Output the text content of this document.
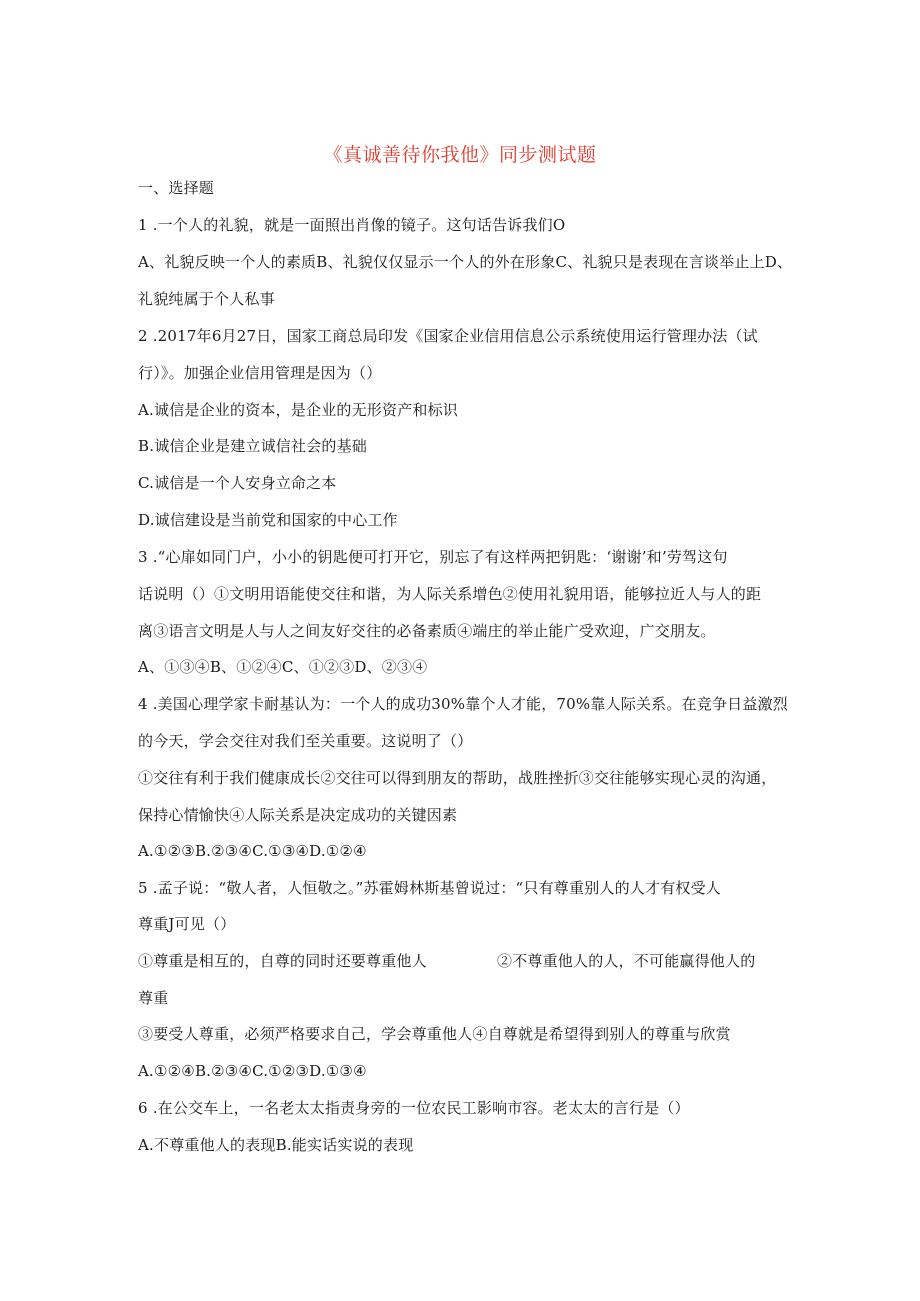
《真诚善待你我他》同步测试题
一、选择题
1 .一个人的礼貌，就是一面照出肖像的镜子。这句话告诉我们O
A、礼貌反映一个人的素质B、礼貌仅仅显示一个人的外在形象C、礼貌只是表现在言谈举止上D、
礼貌纯属于个人私事
2 .2017年6月27日，国家工商总局印发《国家企业信用信息公示系统使用运行管理办法（试
行）》。加强企业信用管理是因为（）
A.诚信是企业的资本，是企业的无形资产和标识
B.诚信企业是建立诚信社会的基础
C.诚信是一个人安身立命之本
D.诚信建设是当前党和国家的中心工作
3 .“心扉如同门户，小小的钥匙便可打开它，别忘了有这样两把钥匙：‘谢谢’和’劳驾这句
话说明（）①文明用语能使交往和谐，为人际关系增色②使用礼貌用语，能够拉近人与人的距
离③语言文明是人与人之间友好交往的必备素质④端庄的举止能广受欢迎，广交朋友。
A、①③④B、①②④C、①②③D、②③④
4 .美国心理学家卡耐基认为：一个人的成功30%靠个人才能，70%靠人际关系。在竞争日益激烈
的今天，学会交往对我们至关重要。这说明了（）
①交往有利于我们健康成长②交往可以得到朋友的帮助，战胜挫折③交往能够实现心灵的沟通，
保持心情愉快④人际关系是决定成功的关键因素
A.①②③B.②③④C.①③④D.①②④
5 .孟子说：“敬人者，人恒敬之。”苏霍姆林斯基曾说过：“只有尊重别人的人才有权受人
尊重J可见（）
①尊重是相互的，自尊的同时还要尊重他人	②不尊重他人的人，不可能赢得他人的
尊重
③要受人尊重，必须严格要求自己，学会尊重他人④自尊就是希望得到别人的尊重与欣赏
A.①②④B.②③④C.①②③D.①③④
6 .在公交车上，一名老太太指责身旁的一位农民工影响市容。老太太的言行是（）
A.不尊重他人的表现B.能实话实说的表现
